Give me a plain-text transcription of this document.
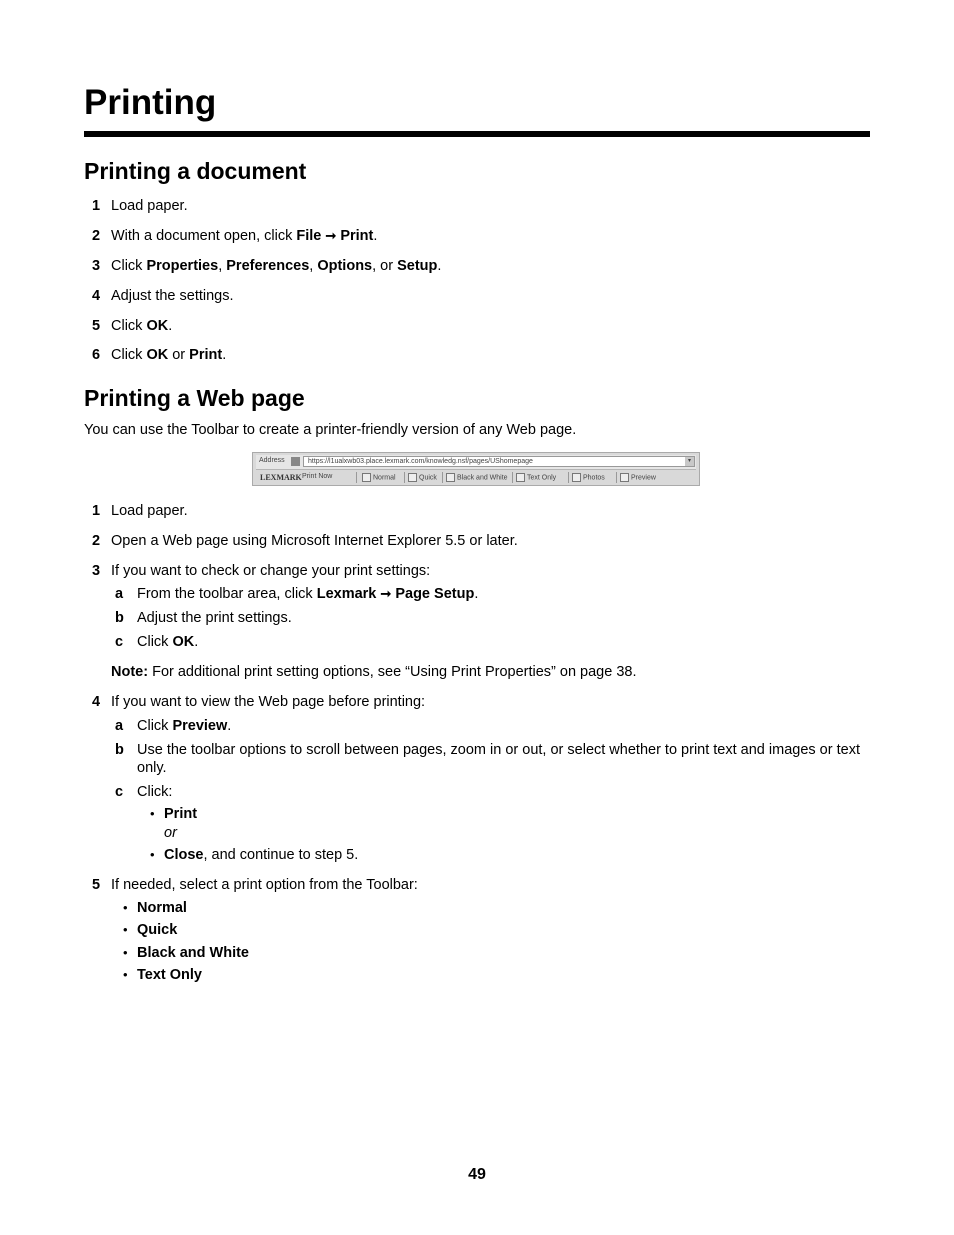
Printing
Printing a document
1 Load paper.
2 With a document open, click File ➞ Print.
3 Click Properties, Preferences, Options, or Setup.
4 Adjust the settings.
5 Click OK.
6 Click OK or Print.
Printing a Web page
You can use the Toolbar to create a printer-friendly version of any Web page.
Address	https://l1ualxwb03.place.lexmark.com/knowledg.nsf/pages/UShomepage	▾
LEXMARK Print Now	Normal	Quick	Black and White	Text Only	Photos	Preview
1 Load paper.
2 Open a Web page using Microsoft Internet Explorer 5.5 or later.
3 If you want to check or change your print settings:
a From the toolbar area, click Lexmark ➞ Page Setup.
b Adjust the print settings.
c Click OK.
Note: For additional print setting options, see “Using Print Properties” on page 38.
4 If you want to view the Web page before printing:
a Click Preview.
b Use the toolbar options to scroll between pages, zoom in or out, or select whether to print text and images or text only.
c Click:
• Print
or
• Close, and continue to step 5.
5 If needed, select a print option from the Toolbar:
• Normal
• Quick
• Black and White
• Text Only
49
